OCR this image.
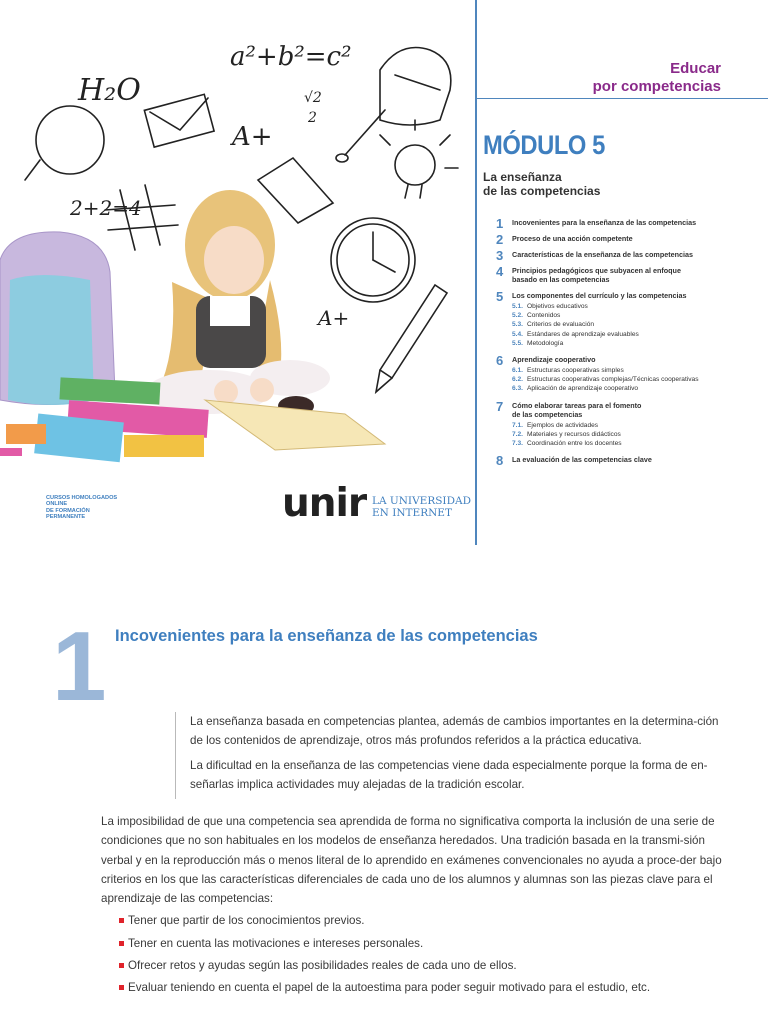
a²+b²=c²
H₂O
A+
2+2=4
√2
2
A+
Educar
por competencias
MÓDULO 5
La enseñanza
de las competencias
1 Incovenientes para la enseñanza de las competencias
2 Proceso de una acción competente
3 Características de la enseñanza de las competencias
4 Principios pedagógicos que subyacen al enfoque
basado en las competencias
5 Los componentes del currículo y las competencias
5.1. Objetivos educativos
5.2. Contenidos
5.3. Criterios de evaluación
5.4. Estándares de aprendizaje evaluables
5.5. Metodología
6 Aprendizaje cooperativo
6.1. Estructuras cooperativas simples
6.2. Estructuras cooperativas complejas/Técnicas cooperativas
6.3. Aplicación de aprendizaje cooperativo
7 Cómo elaborar tareas para el fomento
de las competencias
7.1. Ejemplos de actividades
7.2. Materiales y recursos didácticos
7.3. Coordinación entre los docentes
8 La evaluación de las competencias clave
CURSOS HOMOLOGADOS
ONLINE
DE FORMACIÓN
PERMANENTE	unir LA UNIVERSIDAD
EN INTERNET
1 Incovenientes para la enseñanza de las competencias

La enseñanza basada en competencias plantea, además de cambios importantes en la determina-ción de los contenidos de aprendizaje, otros más profundos referidos a la práctica educativa.

La dificultad en la enseñanza de las competencias viene dada especialmente porque la forma de en-señarlas implica actividades muy alejadas de la tradición escolar.

La imposibilidad de que una competencia sea aprendida de forma no significativa comporta la inclusión de una serie de condiciones que no son habituales en los modelos de enseñanza heredados. Una tradición basada en la transmi-sión verbal y en la reproducción más o menos literal de lo aprendido en exámenes convencionales no ayuda a proce-der bajo criterios en los que las características diferenciales de cada uno de los alumnos y alumnas son las piezas clave para el aprendizaje de las competencias:

Tener que partir de los conocimientos previos.
Tener en cuenta las motivaciones e intereses personales.
Ofrecer retos y ayudas según las posibilidades reales de cada uno de ellos.
Evaluar teniendo en cuenta el papel de la autoestima para poder seguir motivado para el estudio, etc.
